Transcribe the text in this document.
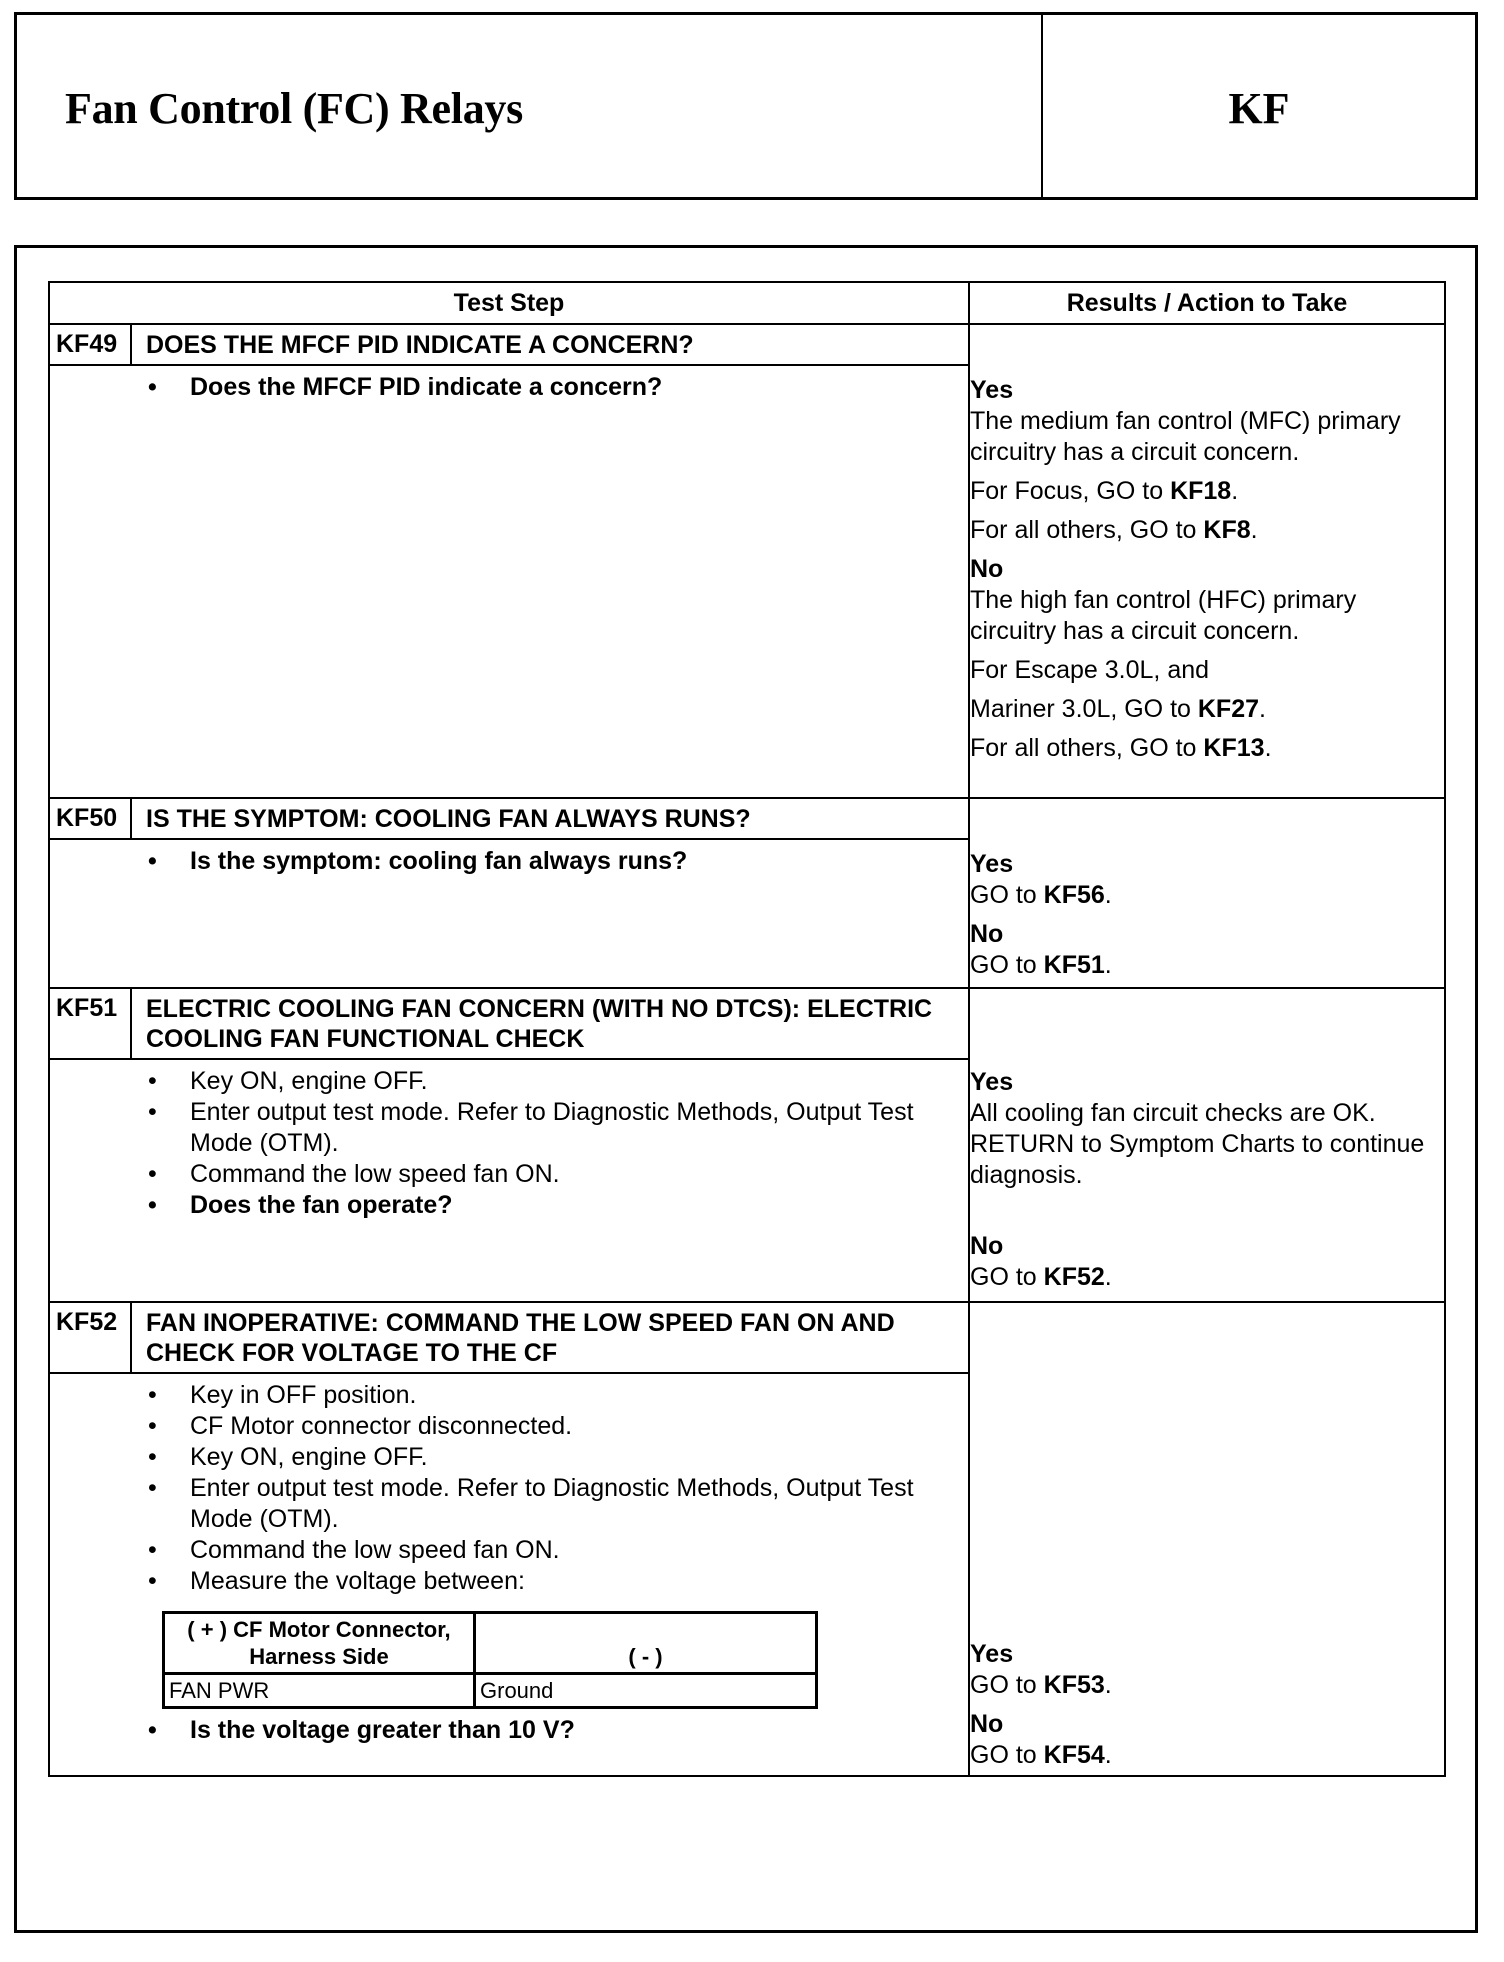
Fan Control (FC) Relays	KF
Test Step	Results / Action to Take

KF49	DOES THE MFCF PID INDICATE A CONCERN?
• Does the MFCF PID indicate a concern?	Yes
The medium fan control (MFC) primary circuitry has a circuit concern.
For Focus, GO to KF18.
For all others, GO to KF8.
No
The high fan control (HFC) primary circuitry has a circuit concern.
For Escape 3.0L, and
Mariner 3.0L, GO to KF27.
For all others, GO to KF13.

KF50	IS THE SYMPTOM: COOLING FAN ALWAYS RUNS?
• Is the symptom: cooling fan always runs?	Yes
GO to KF56.
No
GO to KF51.

KF51	ELECTRIC COOLING FAN CONCERN (WITH NO DTCS): ELECTRIC COOLING FAN FUNCTIONAL CHECK
• Key ON, engine OFF.
• Enter output test mode. Refer to Diagnostic Methods, Output Test Mode (OTM).
• Command the low speed fan ON.
• Does the fan operate?

Yes
All cooling fan circuit checks are OK. RETURN to Symptom Charts to continue diagnosis.
No
GO to KF52.

KF52	FAN INOPERATIVE: COMMAND THE LOW SPEED FAN ON AND CHECK FOR VOLTAGE TO THE CF
• Key in OFF position.
• CF Motor connector disconnected.
• Key ON, engine OFF.
• Enter output test mode. Refer to Diagnostic Methods, Output Test Mode (OTM).
• Command the low speed fan ON.
• Measure the voltage between:
( + ) CF Motor Connector, Harness Side	( - )
FAN PWR	Ground
• Is the voltage greater than 10 V?

Yes
GO to KF53.
No
GO to KF54.
